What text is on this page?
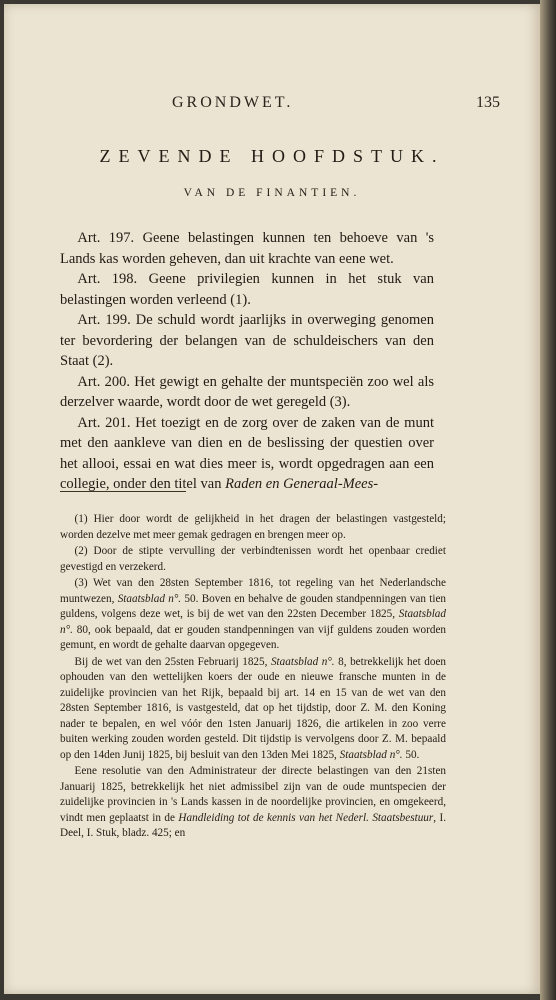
GRONDWET.	135
ZEVENDE HOOFDSTUK.
VAN DE FINANTIEN.

Art. 197. Geene belastingen kunnen ten behoeve van 's Lands kas worden geheven, dan uit krachte van eene wet.

Art. 198. Geene privilegien kunnen in het stuk van belastingen worden verleend (1).

Art. 199. De schuld wordt jaarlijks in overweging genomen ter bevordering der belangen van de schuldeischers van den Staat (2).

Art. 200. Het gewigt en gehalte der muntspeciën zoo wel als derzelver waarde, wordt door de wet geregeld (3).

Art. 201. Het toezigt en de zorg over de zaken van de munt met den aankleve van dien en de beslissing der questien over het allooi, essai en wat dies meer is, wordt opgedragen aan een collegie, onder den titel van Raden en Generaal-Mees-

(1) Hier door wordt de gelijkheid in het dragen der belastingen vastgesteld; worden dezelve met meer gemak gedragen en brengen meer op.

(2) Door de stipte vervulling der verbindtenissen wordt het openbaar crediet gevestigd en verzekerd.

(3) Wet van den 28sten September 1816, tot regeling van het Nederlandsche muntwezen, Staatsblad n°. 50. Boven en behalve de gouden standpenningen van tien guldens, volgens deze wet, is bij de wet van den 22sten December 1825, Staatsblad n°. 80, ook bepaald, dat er gouden standpenningen van vijf guldens zouden worden gemunt, en wordt de gehalte daarvan opgegeven.

Bij de wet van den 25sten Februarij 1825, Staatsblad n°. 8, betrekkelijk het doen ophouden van den wettelijken koers der oude en nieuwe fransche munten in de zuidelijke provincien van het Rijk, bepaald bij art. 14 en 15 van de wet van den 28sten September 1816, is vastgesteld, dat op het tijdstip, door Z. M. den Koning nader te bepalen, en wel vóór den 1sten Januarij 1826, die artikelen in zoo verre buiten werking zouden worden gesteld. Dit tijdstip is vervolgens door Z. M. bepaald op den 14den Junij 1825, bij besluit van den 13den Mei 1825, Staatsblad n°. 50.

Eene resolutie van den Administrateur der directe belastingen van den 21sten Januarij 1825, betrekkelijk het niet admissibel zijn van de oude muntspecien der zuidelijke provincien in 's Lands kassen in de noordelijke provincien, en omgekeerd, vindt men geplaatst in de Handleiding tot de kennis van het Nederl. Staatsbestuur, I. Deel, I. Stuk, bladz. 425; en
